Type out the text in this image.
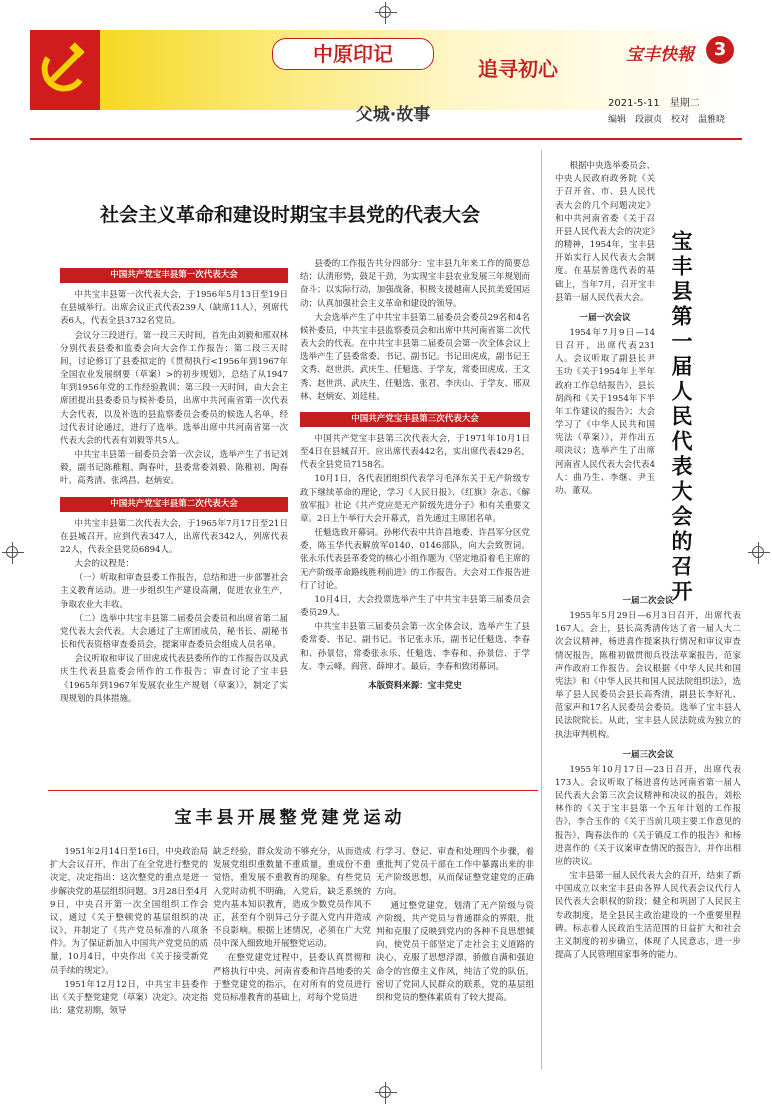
中原印记
追寻初心
父城·故事
宝丰快報	3
2021-5-11　星期二
编辑　段淑贞　校对　温雅晓
社会主义革命和建设时期宝丰县党的代表大会
中国共产党宝丰县第一次代表大会

中共宝丰县第一次代表大会，于1956年5月13日至19日在县城举行。出席会议正式代表239人（缺席11人），列席代表6人，代表全县3732名党员。

会议分三段进行。第一段三天时间，首先由刘毅和邢双林分别代表县委和监委会向大会作工作报告；第二段三天时间，讨论修订了县委拟定的《贯彻执行<1956年到1967年全国农业发展纲要（草案）>的初步规划》，总结了从1947年到1956年党的工作经验教训；第三段一天时间，由大会主席团提出县委委员与候补委员，出席中共河南省第一次代表大会代表，以及补选的县监察委员会委员的候选人名单，经过代表讨论通过，进行了选举。选举出席中共河南省第一次代表大会的代表有刘毅等共5人。

中共宝丰县第一届委员会第一次会议，选举产生了书记刘毅，副书记陈稚粗、陶春叶，县委常委刘毅、陈稚初、陶春叶、高秀清、张鸿昌、赵炳安。

中国共产党宝丰县第二次代表大会

中共宝丰县第二次代表大会，于1965年7月17日至21日在县城召开。应到代表347人，出席代表342人，列席代表22人，代表全县党员6894人。

大会的议程是：

（一）听取和审查县委工作报告，总结和进一步部署社会主义教育运动。进一步组织生产建设高潮，促进农业生产，争取农业大丰收。

（二）选举中共宝丰县第二届委员会委员和出席省第二届党代表大会代表。大会通过了主席团成员，秘书长、副秘书长和代表资格审查委员会，提案审查委员会组成人员名单。

会议听取和审议了田虎成代表县委所作的工作报告以及武庆生代表县监委会所作的工作报告；审查讨论了宝丰县《1965年到1967年发展农业生产规划（草案）》，制定了实现规划的具体措施。

县委的工作报告共分四部分：宝丰县九年来工作的简要总结；认清形势，鼓足干劲，为实现宝丰县农业发展三年规划而奋斗；以实际行动，加强战备，积极支援越南人民抗美爱国运动；认真加强社会主义革命和建设的领导。

大会选举产生了中共宝丰县第二届委员会委员29名和4名候补委员，中共宝丰县监察委员会和出席中共河南省第二次代表大会的代表。在中共宝丰县第二届委员会第一次全体会议上选举产生了县委常委、书记、副书记。书记田虎成，副书记王文秀、赵世洪、武庆生、任魁选、于学友，常委田虎成、王文秀、赵世洪、武庆生、任魁选、张君、李庆山、于学友、邢双林、赵炳安、刘廷桂。

中国共产党宝丰县第三次代表大会

中国共产党宝丰县第三次代表大会，于1971年10月1日至4日在县城召开。应出席代表442名，实出席代表429名，代表全县党员7158名。

10月1日，各代表团组织代表学习毛泽东关于无产阶级专政下继续革命的理论，学习《人民日报》、《红旗》杂志、《解放军报》社论《共产党应是无产阶级先进分子》和有关重要文章。2日上午举行大会开幕式，首先通过主席团名单。

任魁选致开幕词。孙彬代表中共许昌地委、许昌军分区党委，陈玉华代表解放军0140、0146部队，向大会致贺词。张永乐代表县革委党的核心小组作题为《坚定地沿着毛主席的无产阶级革命路线胜利前进》的工作报告。大会对工作报告进行了讨论。

10月4日，大会投票选举产生了中共宝丰县第三届委员会委员29人。

中共宝丰县第三届委员会第一次全体会议，选举产生了县委常委、书记、副书记。书记张永乐，副书记任魁选、李春和、孙景信，常委张永乐、任魁选、李春和、孙景信、于学友、李云峰，阎营、薛坤才。最后，李春和致闭幕词。

本版资料来源：宝丰党史
宝丰县开展整党建党运动

1951年2月14日至16日，中央政治局扩大会议召开，作出了在全党进行整党的决定，决定指出：这次整党的重点是进一步解决党的基层组织问题。3月28日至4月9日，中央召开第一次全国组织工作会议，通过《关于整顿党的基层组织的决议》，并制定了《共产党员标准的八项条件》。为了保证新加入中国共产党党员的质量，10月4日，中央作出《关于接受新党员手续的规定》。

1951年12月12日，中共宝丰县委作出《关于整党建党（草案）决定》。决定指出：建党初期，领导

缺乏经验，群众发动不够充分，从而造成发展党组织重数量不重质量，重成份不重觉悟，重发展不重教育的现象。有些党员入党时动机不明确，入党后，缺乏系统的党内基本知识教育，造成少数党员作风不正，甚至有个别异己分子混入党内并造成不良影响。根据上述情况，必须在广大党员中深入细致地开展整党运动。

在整党建党过程中，县委认真贯彻和严格执行中央、河南省委和许昌地委的关于整党建党的指示，在对所有的党员进行党员标准教育的基础上，对每个党员进

行学习、登记、审查和处理四个步骤，着重批判了党员干部在工作中暴露出来的非无产阶级思想，从而保证整党建党的正确方向。

通过整党建党，划清了无产阶级与资产阶级、共产党员与普通群众的界限，批判和克服了反映到党内的各种不良思想倾向，使党员干部坚定了走社会主义道路的决心，克服了思想浮漂，骄傲自满和强迫命令的官僚主义作风，纯洁了党的队伍，密切了党同人民群众的联系，党的基层组织和党员的整体素质有了较大提高。

根据中央选举委员会、中央人民政府政务院《关于召开省、市、县人民代表大会的几个问题决定》和中共河南省委《关于召开县人民代表大会的决定》的精神，1954年，宝丰县开始实行人民代表大会制度。在基层普选代表的基础上，当年7月，召开宝丰县第一届人民代表大会。

一届一次会议

1954年7月9日—14日召开，出席代表231人。会议听取了副县长尹玉功《关于1954年上半年政府工作总结报告》，县长胡尚和《关于1954年下半年工作建议的报告》；大会学习了《中华人民共和国宪法（草案）》，并作出五项决议；选举产生了出席河南省人民代表大会代表4人：曲乃生、李继、尹玉功、董双。	宝丰县第一届人民代表大会的召开
一届二次会议

1955年5月29日—6月3日召开，出席代表167人。会上，县长高秀清传达了省一届人大二次会议精神，杨进喜作提案执行情况和审议审查情况报告，陈稚初做贯彻兵役法草案报告，范家声作政府工作报告。会议根据《中华人民共和国宪法》和《中华人民共和国人民法院组织法》，选举了县人民委员会县长高秀清，副县长李好礼、范家声和17名人民委员会委员。选举了宝丰县人民法院院长。从此，宝丰县人民法院成为独立的执法审判机构。

一届三次会议

1955年10月17日—23日召开，出席代表173人。会议听取了杨进喜传达河南省第一届人民代表大会第三次会议精神和决议的报告，刘松林作的《关于宝丰县第一个五年计划的工作报告》，李合玉作的《关于当前几项主要工作意见的报告》，陶春法作的《关于镇反工作的报告》和杨进喜作的《关于议案审查情况的报告》，并作出相应的决议。

宝丰县第一届人民代表大会的召开，结束了新中国成立以来宝丰县由各界人民代表会议代行人民代表大会职权的阶段；健全和巩固了人民民主专政制度，是全县民主政治建设的一个重要里程碑。标志着人民政治生活范围的日益扩大和社会主义制度的初步确立，体现了人民意志，进一步提高了人民管理国家事务的能力。
